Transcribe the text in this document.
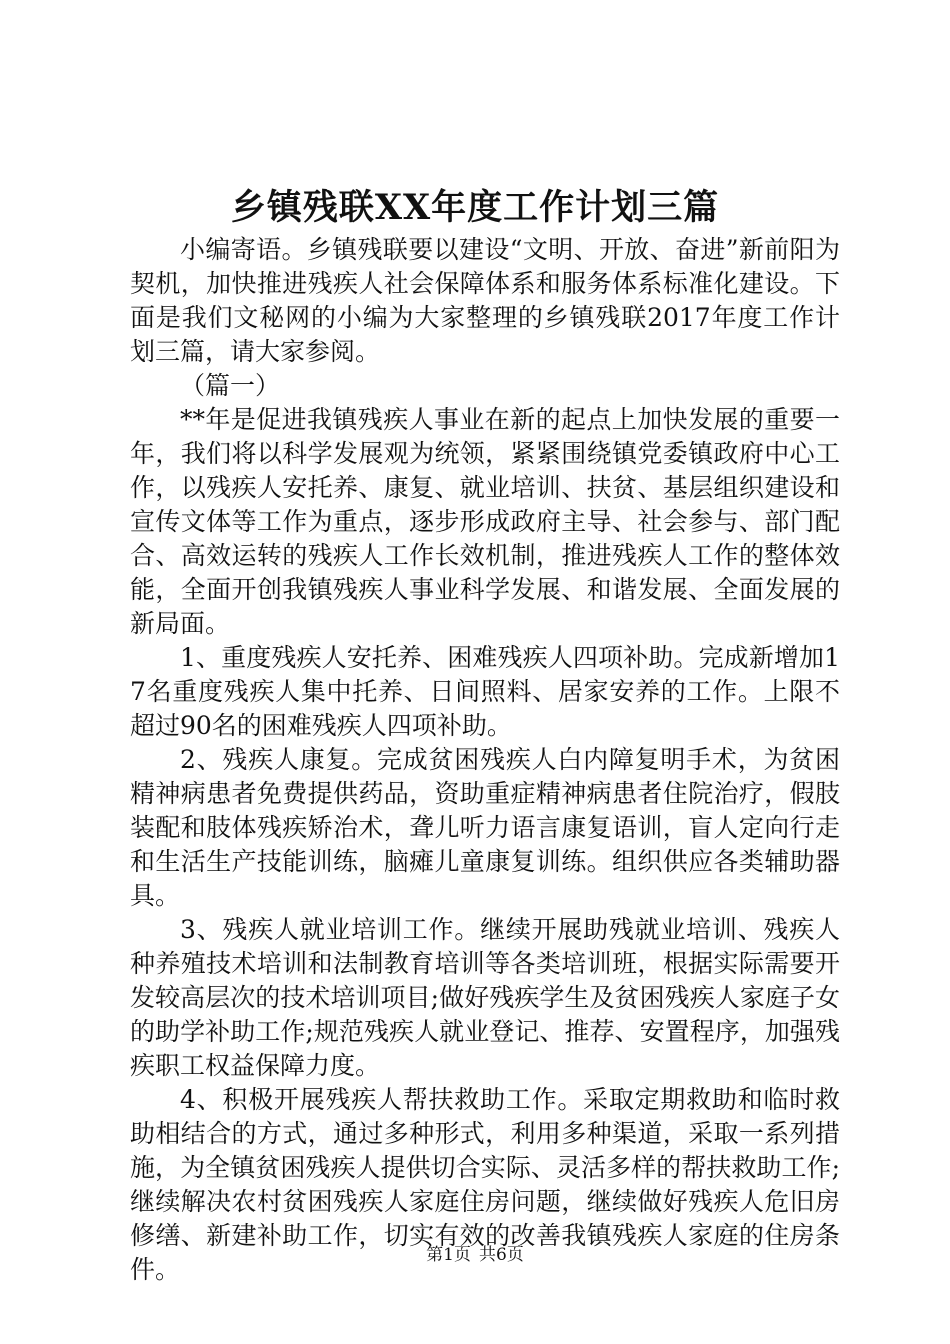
乡镇残联XX年度工作计划三篇

小编寄语。乡镇残联要以建设“文明、开放、奋进”新前阳为契机，加快推进残疾人社会保障体系和服务体系标准化建设。下面是我们文秘网的小编为大家整理的乡镇残联2017年度工作计划三篇，请大家参阅。

（篇一）

**年是促进我镇残疾人事业在新的起点上加快发展的重要一年，我们将以科学发展观为统领，紧紧围绕镇党委镇政府中心工作，以残疾人安托养、康复、就业培训、扶贫、基层组织建设和宣传文体等工作为重点，逐步形成政府主导、社会参与、部门配合、高效运转的残疾人工作长效机制，推进残疾人工作的整体效能，全面开创我镇残疾人事业科学发展、和谐发展、全面发展的新局面。

1、重度残疾人安托养、困难残疾人四项补助。完成新增加17名重度残疾人集中托养、日间照料、居家安养的工作。上限不超过90名的困难残疾人四项补助。

2、残疾人康复。完成贫困残疾人白内障复明手术，为贫困精神病患者免费提供药品，资助重症精神病患者住院治疗，假肢装配和肢体残疾矫治术，聋儿听力语言康复语训，盲人定向行走和生活生产技能训练，脑瘫儿童康复训练。组织供应各类辅助器具。

3、残疾人就业培训工作。继续开展助残就业培训、残疾人种养殖技术培训和法制教育培训等各类培训班，根据实际需要开发较高层次的技术培训项目;做好残疾学生及贫困残疾人家庭子女的助学补助工作;规范残疾人就业登记、推荐、安置程序，加强残疾职工权益保障力度。

4、积极开展残疾人帮扶救助工作。采取定期救助和临时救助相结合的方式，通过多种形式，利用多种渠道，采取一系列措施，为全镇贫困残疾人提供切合实际、灵活多样的帮扶救助工作;继续解决农村贫困残疾人家庭住房问题，继续做好残疾人危旧房修缮、新建补助工作，切实有效的改善我镇残疾人家庭的住房条件。	第1页 共6页
